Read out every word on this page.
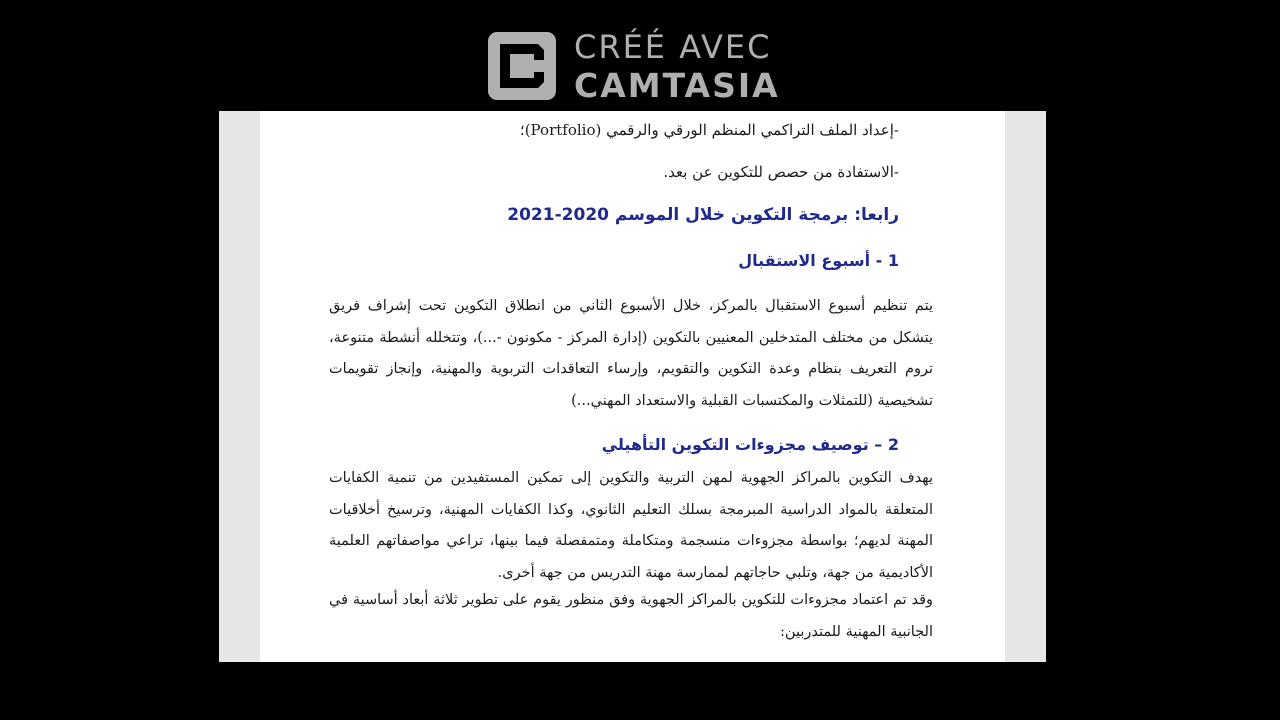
CRÉÉ AVEC
CAMTASIA
-إعداد الملف التراكمي المنظم الورقي والرقمي (Portfolio)؛
-الاستفادة من حصص للتكوين عن بعد.
رابعا: برمجة التكوين خلال الموسم 2020-2021
1 - أسبوع الاستقبال
يتم تنظيم أسبوع الاستقبال بالمركز، خلال الأسبوع الثاني من انطلاق التكوين تحت إشراف فريق يتشكل من مختلف المتدخلين المعنيين بالتكوين (إدارة المركز - مكونون -...)، وتتخلله أنشطة متنوعة، تروم التعريف بنظام وعدة التكوين والتقويم، وإرساء التعاقدات التربوية والمهنية، وإنجاز تقويمات تشخيصية (للتمثلات والمكتسبات القبلية والاستعداد المهني...)
2 – توصيف مجزوءات التكوين التأهيلي
يهدف التكوين بالمراكز الجهوية لمهن التربية والتكوين إلى تمكين المستفيدين من تنمية الكفايات المتعلقة بالمواد الدراسية المبرمجة بسلك التعليم الثانوي، وكذا الكفايات المهنية، وترسيخ أخلاقيات المهنة لديهم؛ بواسطة مجزوءات منسجمة ومتكاملة ومتمفصلة فيما بينها، تراعي مواصفاتهم العلمية الأكاديمية من جهة، وتلبي حاجاتهم لممارسة مهنة التدريس من جهة أخرى.
وقد تم اعتماد مجزوءات للتكوين بالمراكز الجهوية وفق منظور يقوم على تطوير ثلاثة أبعاد أساسية في الجانبية المهنية للمتدربين:
